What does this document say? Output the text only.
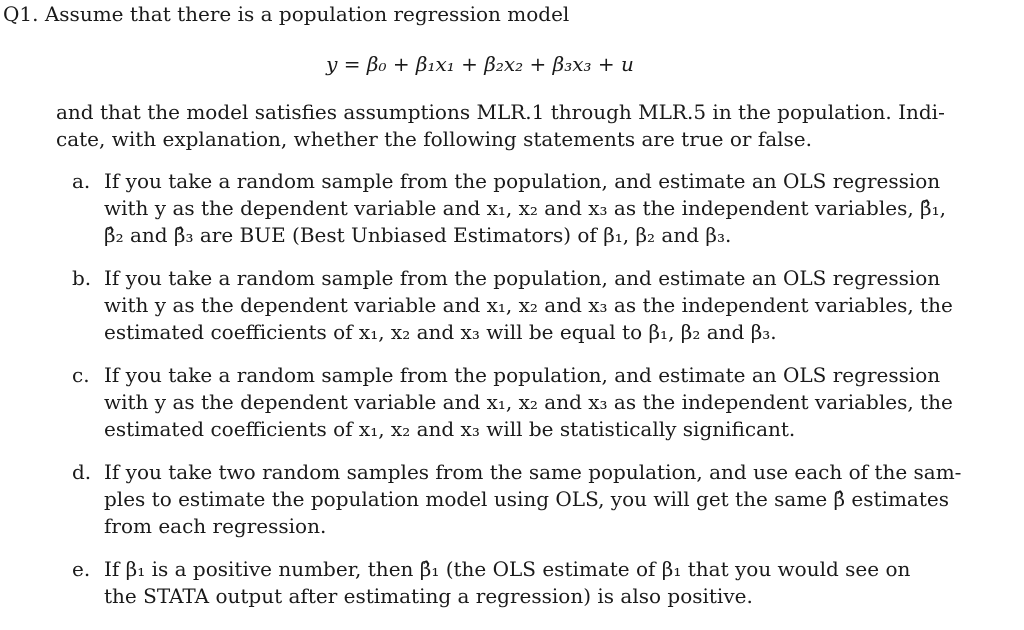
Q1. Assume that there is a population regression model
y = β₀ + β₁x₁ + β₂x₂ + β₃x₃ + u
and that the model satisfies assumptions MLR.1 through MLR.5 in the population. Indi-
cate, with explanation, whether the following statements are true or false.
a. If you take a random sample from the population, and estimate an OLS regression
with y as the dependent variable and x₁, x₂ and x₃ as the independent variables, β̂₁,
β̂₂ and β̂₃ are BUE (Best Unbiased Estimators) of β₁, β₂ and β₃.
b. If you take a random sample from the population, and estimate an OLS regression
with y as the dependent variable and x₁, x₂ and x₃ as the independent variables, the
estimated coefficients of x₁, x₂ and x₃ will be equal to β₁, β₂ and β₃.
c. If you take a random sample from the population, and estimate an OLS regression
with y as the dependent variable and x₁, x₂ and x₃ as the independent variables, the
estimated coefficients of x₁, x₂ and x₃ will be statistically significant.
d. If you take two random samples from the same population, and use each of the sam-
ples to estimate the population model using OLS, you will get the same β̂ estimates
from each regression.
e. If β₁ is a positive number, then β̂₁ (the OLS estimate of β₁ that you would see on
the STATA output after estimating a regression) is also positive.
